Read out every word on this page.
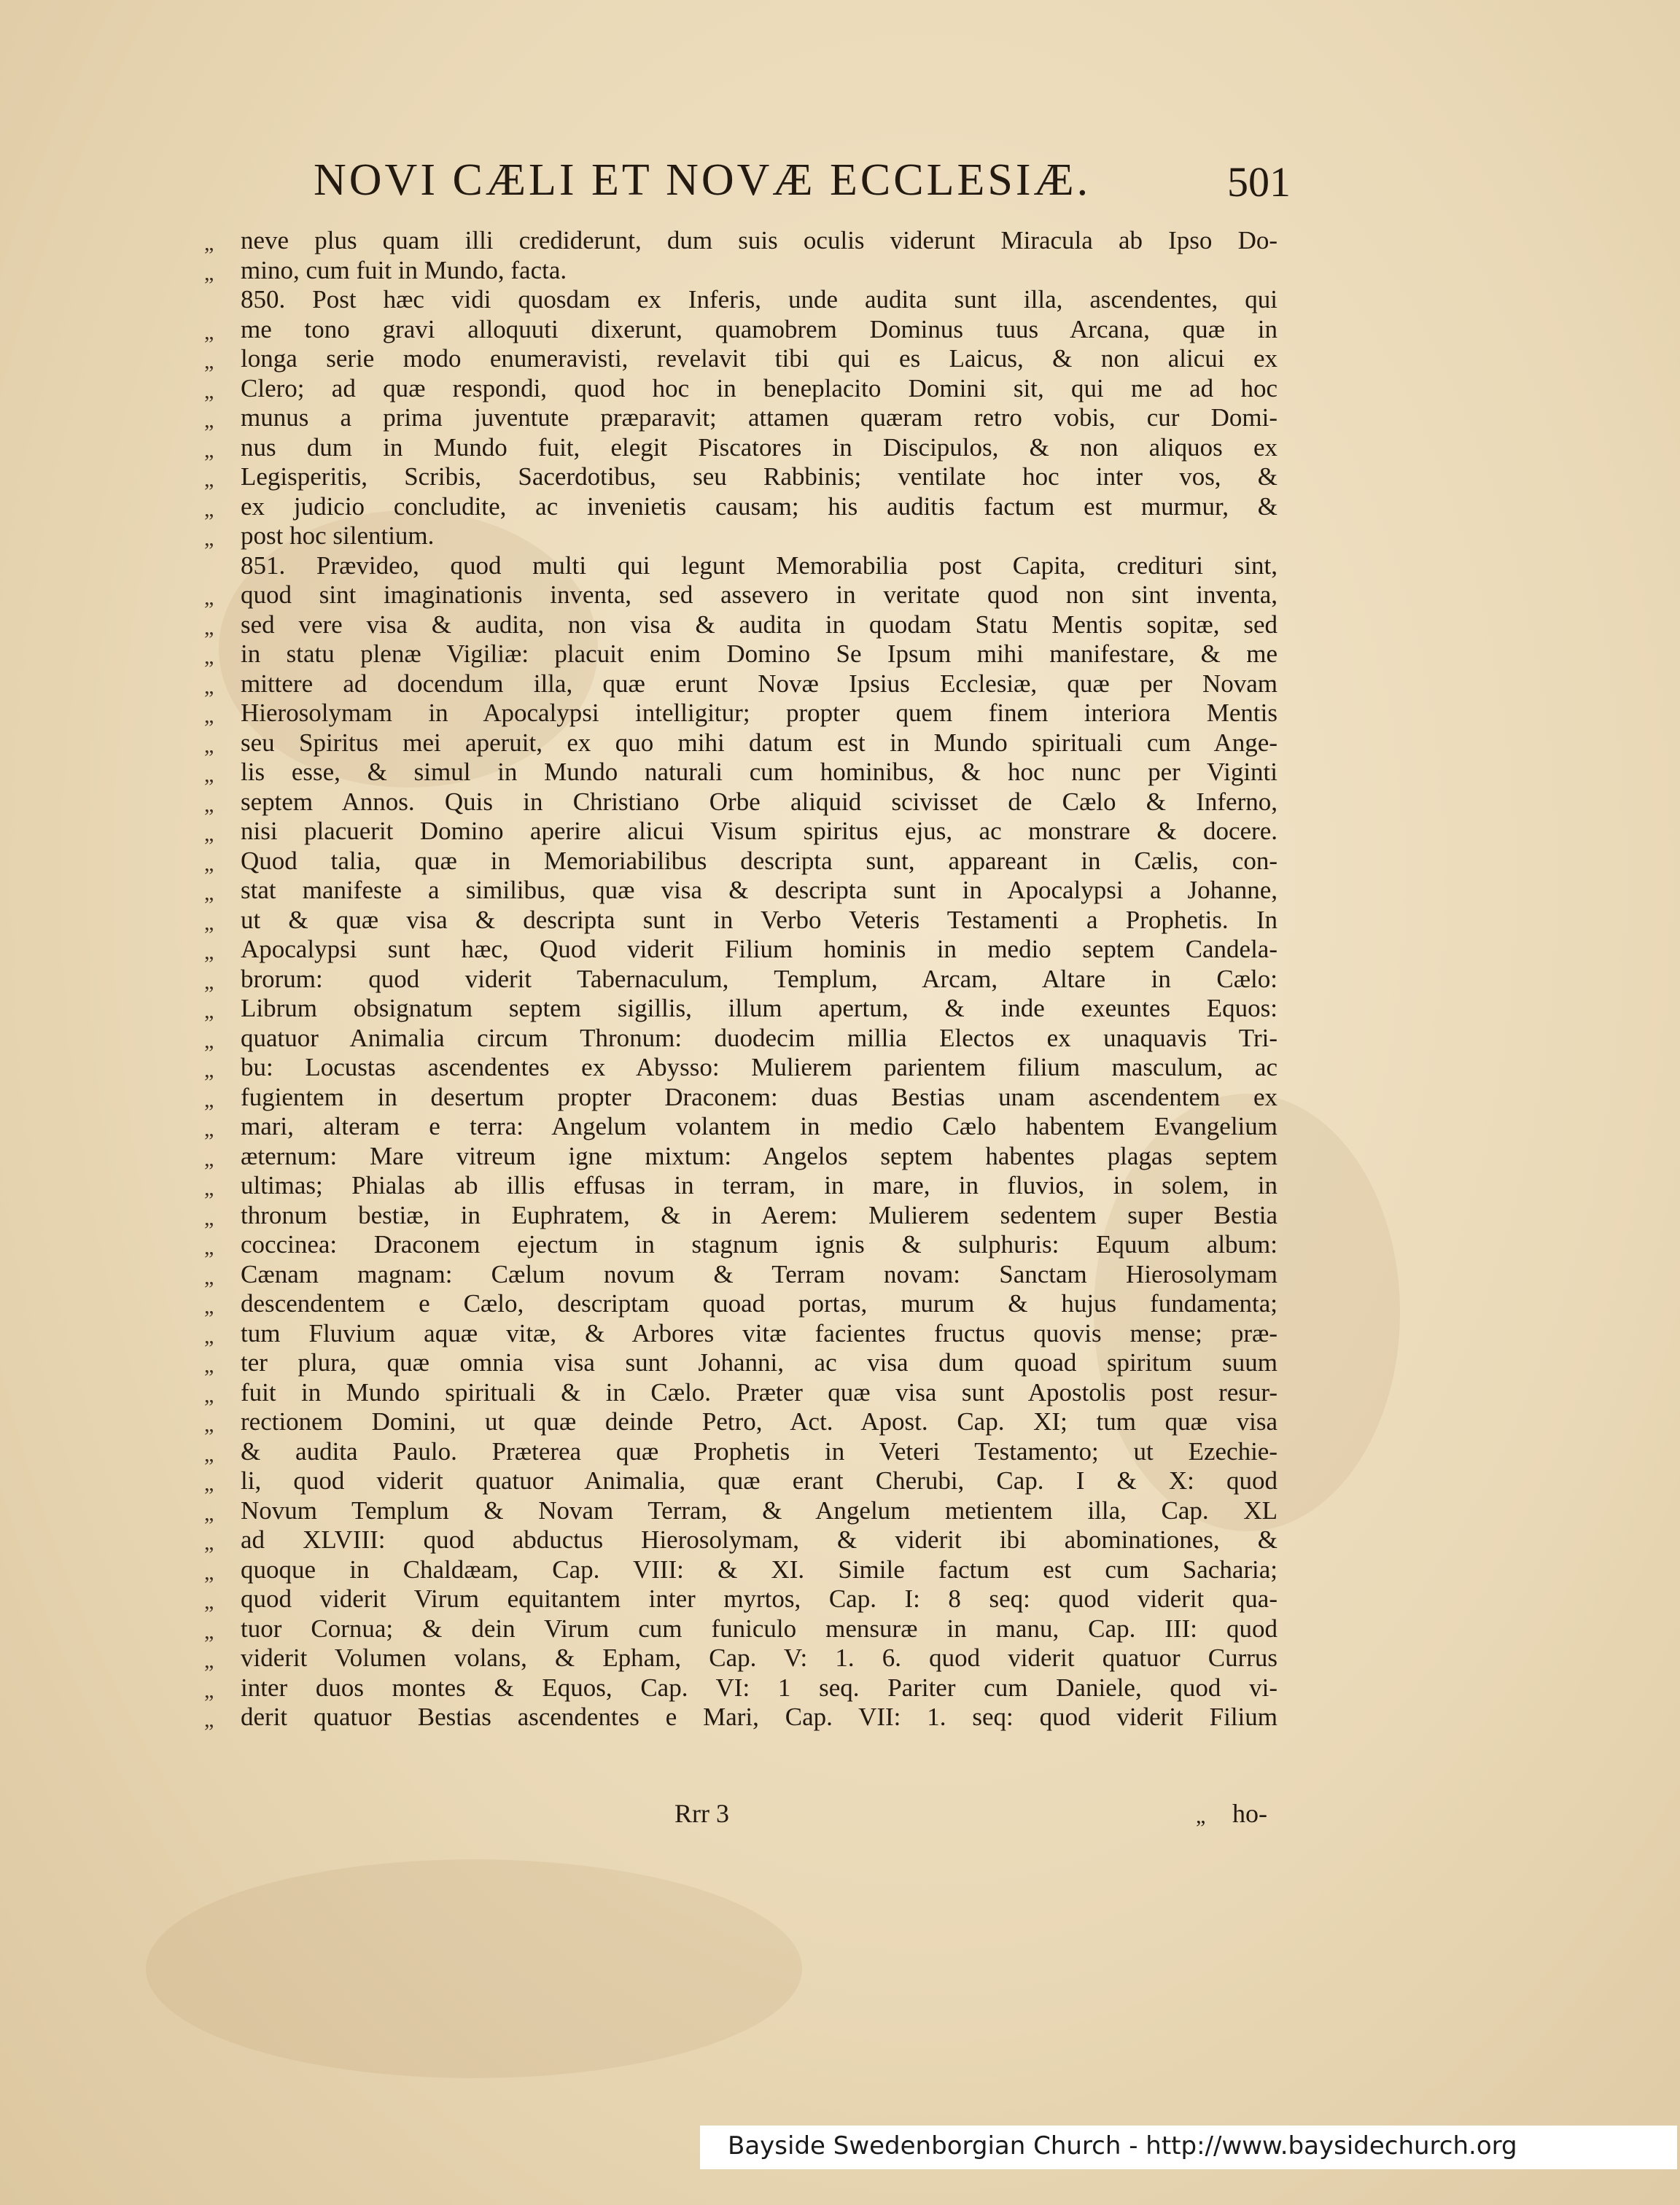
NOVI CÆLI ET NOVÆ ECCLESIÆ.	501
„	neve plus quam illi crediderunt, dum suis oculis viderunt Miracula ab Ipso Do-
„	mino, cum fuit in Mundo, facta.
850. Post hæc vidi quosdam ex Inferis, unde audita sunt illa, ascendentes, qui
„	me tono gravi alloquuti dixerunt, quamobrem Dominus tuus Arcana, quæ in
„	longa serie modo enumeravisti, revelavit tibi qui es Laicus, & non alicui ex
„	Clero; ad quæ respondi, quod hoc in beneplacito Domini sit, qui me ad hoc
„	munus a prima juventute præparavit; attamen quæram retro vobis, cur Domi-
„	nus dum in Mundo fuit, elegit Piscatores in Discipulos, & non aliquos ex
„	Legisperitis, Scribis, Sacerdotibus, seu Rabbinis; ventilate hoc inter vos, &
„	ex judicio concludite, ac invenietis causam; his auditis factum est murmur, &
„	post hoc silentium.
851. Prævideo, quod multi qui legunt Memorabilia post Capita, credituri sint,
„	quod sint imaginationis inventa, sed assevero in veritate quod non sint inventa,
„	sed vere visa & audita, non visa & audita in quodam Statu Mentis sopitæ, sed
„	in statu plenæ Vigiliæ: placuit enim Domino Se Ipsum mihi manifestare, & me
„	mittere ad docendum illa, quæ erunt Novæ Ipsius Ecclesiæ, quæ per Novam
„	Hierosolymam in Apocalypsi intelligitur; propter quem finem interiora Mentis
„	seu Spiritus mei aperuit, ex quo mihi datum est in Mundo spirituali cum Ange-
„	lis esse, & simul in Mundo naturali cum hominibus, & hoc nunc per Viginti
„	septem Annos. Quis in Christiano Orbe aliquid scivisset de Cælo & Inferno,
„	nisi placuerit Domino aperire alicui Visum spiritus ejus, ac monstrare & docere.
„	Quod talia, quæ in Memoriabilibus descripta sunt, appareant in Cælis, con-
„	stat manifeste a similibus, quæ visa & descripta sunt in Apocalypsi a Johanne,
„	ut & quæ visa & descripta sunt in Verbo Veteris Testamenti a Prophetis. In
„	Apocalypsi sunt hæc, Quod viderit Filium hominis in medio septem Candela-
„	brorum: quod viderit Tabernaculum, Templum, Arcam, Altare in Cælo:
„	Librum obsignatum septem sigillis, illum apertum, & inde exeuntes Equos:
„	quatuor Animalia circum Thronum: duodecim millia Electos ex unaquavis Tri-
„	bu: Locustas ascendentes ex Abysso: Mulierem parientem filium masculum, ac
„	fugientem in desertum propter Draconem: duas Bestias unam ascendentem ex
„	mari, alteram e terra: Angelum volantem in medio Cælo habentem Evangelium
„	æternum: Mare vitreum igne mixtum: Angelos septem habentes plagas septem
„	ultimas; Phialas ab illis effusas in terram, in mare, in fluvios, in solem, in
„	thronum bestiæ, in Euphratem, & in Aerem: Mulierem sedentem super Bestia
„	coccinea: Draconem ejectum in stagnum ignis & sulphuris: Equum album:
„	Cænam magnam: Cælum novum & Terram novam: Sanctam Hierosolymam
„	descendentem e Cælo, descriptam quoad portas, murum & hujus fundamenta;
„	tum Fluvium aquæ vitæ, & Arbores vitæ facientes fructus quovis mense; præ-
„	ter plura, quæ omnia visa sunt Johanni, ac visa dum quoad spiritum suum
„	fuit in Mundo spirituali & in Cælo. Præter quæ visa sunt Apostolis post resur-
„	rectionem Domini, ut quæ deinde Petro, Act. Apost. Cap. XI; tum quæ visa
„	& audita Paulo. Præterea quæ Prophetis in Veteri Testamento; ut Ezechie-
„	li, quod viderit quatuor Animalia, quæ erant Cherubi, Cap. I & X: quod
„	Novum Templum & Novam Terram, & Angelum metientem illa, Cap. XL
„	ad XLVIII: quod abductus Hierosolymam, & viderit ibi abominationes, &
„	quoque in Chaldæam, Cap. VIII: & XI. Simile factum est cum Sacharia;
„	quod viderit Virum equitantem inter myrtos, Cap. I: 8 seq: quod viderit qua-
„	tuor Cornua; & dein Virum cum funiculo mensuræ in manu, Cap. III: quod
„	viderit Volumen volans, & Epham, Cap. V: 1. 6. quod viderit quatuor Currus
„	inter duos montes & Equos, Cap. VI: 1 seq. Pariter cum Daniele, quod vi-
„	derit quatuor Bestias ascendentes e Mari, Cap. VII: 1. seq: quod viderit Filium
Rrr 3	„ ho-
Bayside Swedenborgian Church - http://www.baysidechurch.org
